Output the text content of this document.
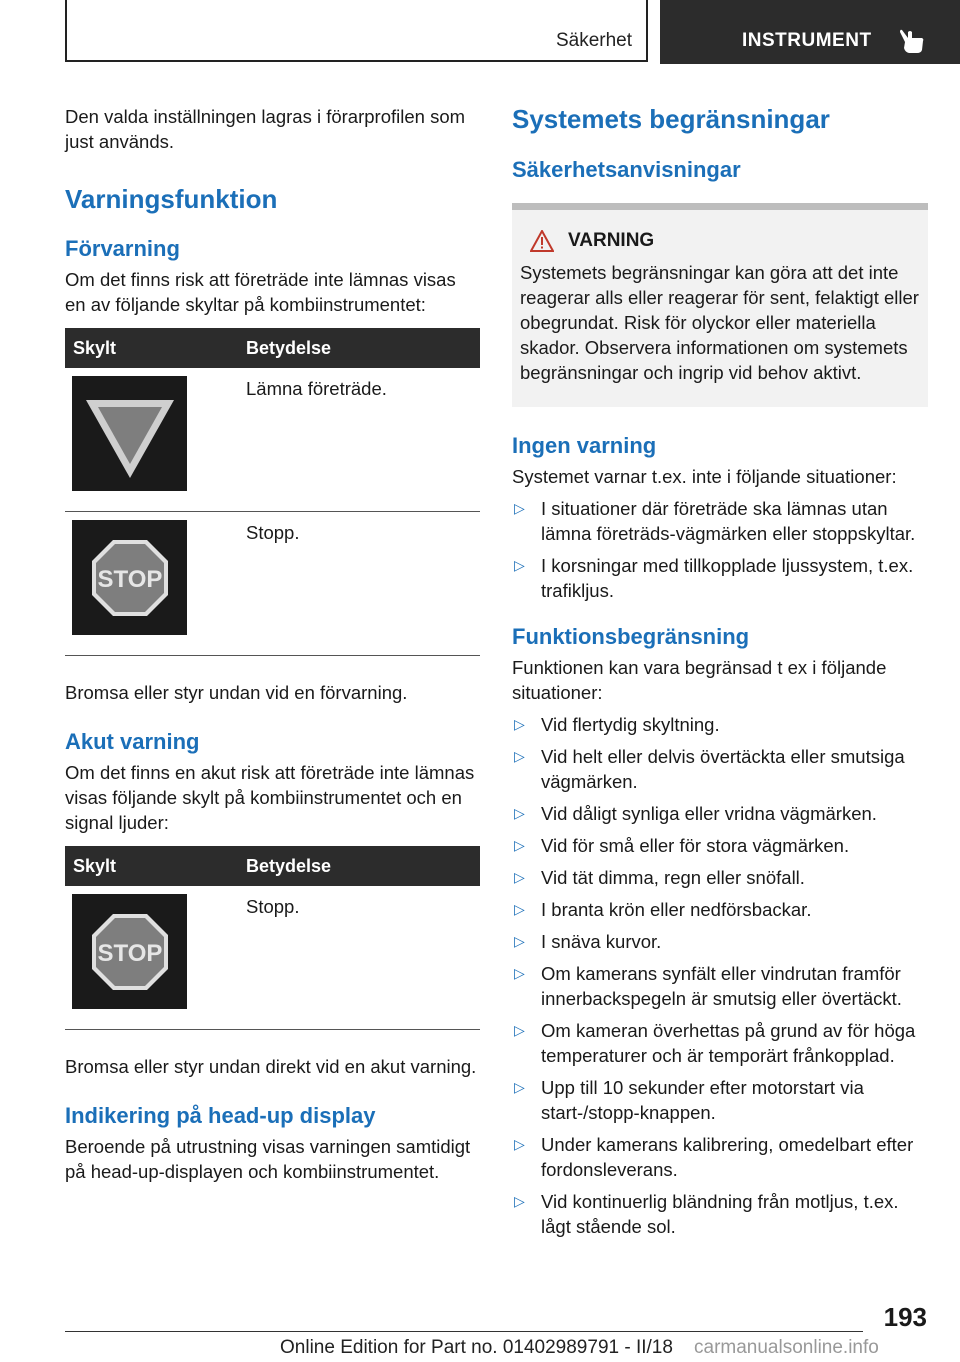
Säkerhet	INSTRUMENT

Den valda inställningen lagras i förarprofilen som just används.

Varningsfunktion
Förvarning

Om det finns risk att företräde inte lämnas visas en av följande skyltar på kombiinstrumentet:

Skylt	Betydelse

	Lämna företräde.

STOP	Stopp.

Bromsa eller styr undan vid en förvarning.

Akut varning

Om det finns en akut risk att företräde inte lämnas visas följande skylt på kombiinstrumentet och en signal ljuder:

Skylt	Betydelse

STOP	Stopp.

Bromsa eller styr undan direkt vid en akut varning.

Indikering på head-up display

Beroende på utrustning visas varningen samtidigt på head-up-displayen och kombiinstrumentet.

Systemets begränsningar
Säkerhetsanvisningar
VARNING

Systemets begränsningar kan göra att det inte reagerar alls eller reagerar för sent, felaktigt eller obegrundat. Risk för olyckor eller materiella skador. Observera informationen om systemets begränsningar och ingrip vid behov aktivt.

Ingen varning

Systemet varnar t.ex. inte i följande situationer:

▷ I situationer där företräde ska lämnas utan lämna företräds-vägmärken eller stoppskyltar.
▷ I korsningar med tillkopplade ljussystem, t.ex. trafikljus.
Funktionsbegränsning

Funktionen kan vara begränsad t ex i följande situationer:

▷ Vid flertydig skyltning.
▷ Vid helt eller delvis övertäckta eller smutsiga vägmärken.
▷ Vid dåligt synliga eller vridna vägmärken.
▷ Vid för små eller för stora vägmärken.
▷ Vid tät dimma, regn eller snöfall.
▷ I branta krön eller nedförsbackar.
▷ I snäva kurvor.
▷ Om kamerans synfält eller vindrutan framför innerbackspegeln är smutsig eller övertäckt.
▷ Om kameran överhettas på grund av för höga temperaturer och är temporärt frånkopplad.
▷ Upp till 10 sekunder efter motorstart via start-/stopp-knappen.
▷ Under kamerans kalibrering, omedelbart efter fordonsleverans.
▷ Vid kontinuerlig bländning från motljus, t.ex. lågt stående sol.
193
Online Edition for Part no. 01402989791 - II/18 carmanualsonline.info
